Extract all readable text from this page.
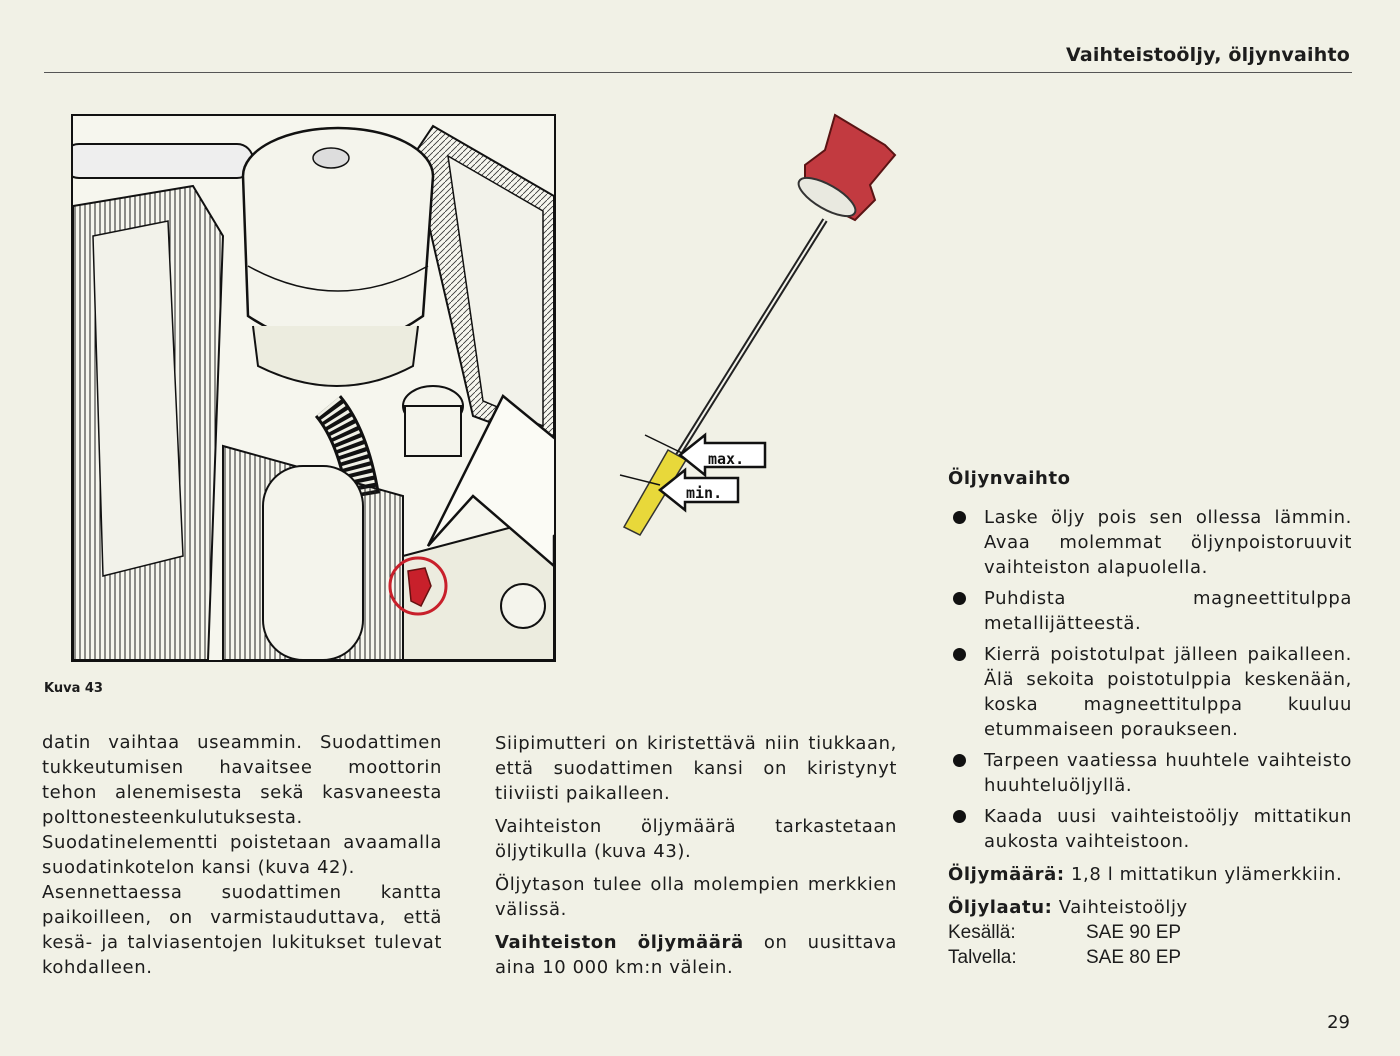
Vaihteistoöljy, öljynvaihto
Kuva 43
max.
min.

datin vaihtaa useammin. Suodattimen tukkeutumisen havaitsee moottorin tehon alenemisesta sekä kasvaneesta polttonesteenkulutuksesta. Suodatinelementti poistetaan avaamalla suodatinkotelon kansi (kuva 42).

Asennettaessa suodattimen kantta paikoilleen, on varmistauduttava, että kesä- ja talviasentojen lukitukset tulevat kohdalleen.

Siipimutteri on kiristettävä niin tiukkaan, että suodattimen kansi on kiristynyt tiiviisti paikalleen.

Vaihteiston öljymäärä tarkastetaan öljytikulla (kuva 43).

Öljytason tulee olla molempien merkkien välissä.

Vaihteiston öljymäärä on uusittava aina 10 000 km:n välein.

Öljynvaihto
Laske öljy pois sen ollessa lämmin. Avaa molemmat öljynpoistoruuvit vaihteiston alapuolella.
Puhdista magneettitulppa metallijätteestä.
Kierrä poistotulpat jälleen paikalleen. Älä sekoita poistotulppia keskenään, koska magneettitulppa kuuluu etummaiseen poraukseen.
Tarpeen vaatiessa huuhtele vaihteisto huuhteluöljyllä.
Kaada uusi vaihteistoöljy mittatikun aukosta vaihteistoon.
Öljymäärä: 1,8 l mittatikun ylämerkkiin.
Öljylaatu: Vaihteistoöljy
Kesällä:	SAE 90 EP
Talvella:	SAE 80 EP
29
